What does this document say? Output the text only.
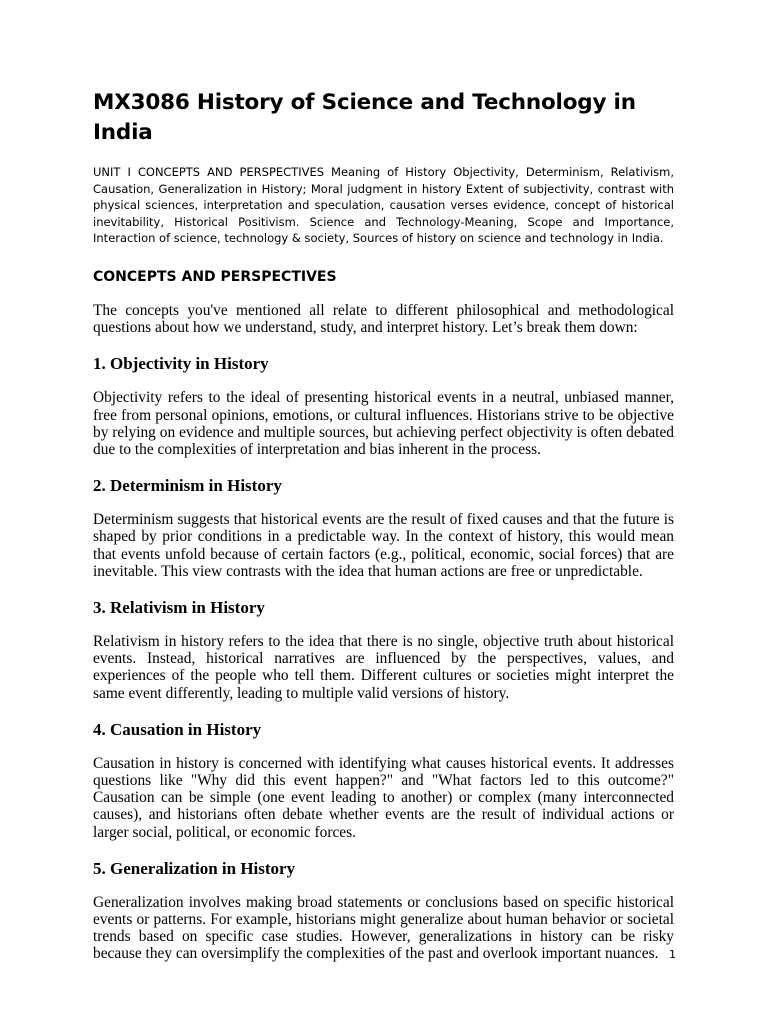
MX3086 History of Science and Technology in India

UNIT I CONCEPTS AND PERSPECTIVES Meaning of History Objectivity, Determinism, Relativism, Causation, Generalization in History; Moral judgment in history Extent of subjectivity, contrast with physical sciences, interpretation and speculation, causation verses evidence, concept of historical inevitability, Historical Positivism. Science and Technology-Meaning, Scope and Importance, Interaction of science, technology & society, Sources of history on science and technology in India.

CONCEPTS AND PERSPECTIVES

The concepts you've mentioned all relate to different philosophical and methodological questions about how we understand, study, and interpret history. Let’s break them down:

1. Objectivity in History

Objectivity refers to the ideal of presenting historical events in a neutral, unbiased manner, free from personal opinions, emotions, or cultural influences. Historians strive to be objective by relying on evidence and multiple sources, but achieving perfect objectivity is often debated due to the complexities of interpretation and bias inherent in the process.

2. Determinism in History

Determinism suggests that historical events are the result of fixed causes and that the future is shaped by prior conditions in a predictable way. In the context of history, this would mean that events unfold because of certain factors (e.g., political, economic, social forces) that are inevitable. This view contrasts with the idea that human actions are free or unpredictable.

3. Relativism in History

Relativism in history refers to the idea that there is no single, objective truth about historical events. Instead, historical narratives are influenced by the perspectives, values, and experiences of the people who tell them. Different cultures or societies might interpret the same event differently, leading to multiple valid versions of history.

4. Causation in History

Causation in history is concerned with identifying what causes historical events. It addresses questions like "Why did this event happen?" and "What factors led to this outcome?" Causation can be simple (one event leading to another) or complex (many interconnected causes), and historians often debate whether events are the result of individual actions or larger social, political, or economic forces.

5. Generalization in History

Generalization involves making broad statements or conclusions based on specific historical events or patterns. For example, historians might generalize about human behavior or societal trends based on specific case studies. However, generalizations in history can be risky because they can oversimplify the complexities of the past and overlook important nuances. 1
